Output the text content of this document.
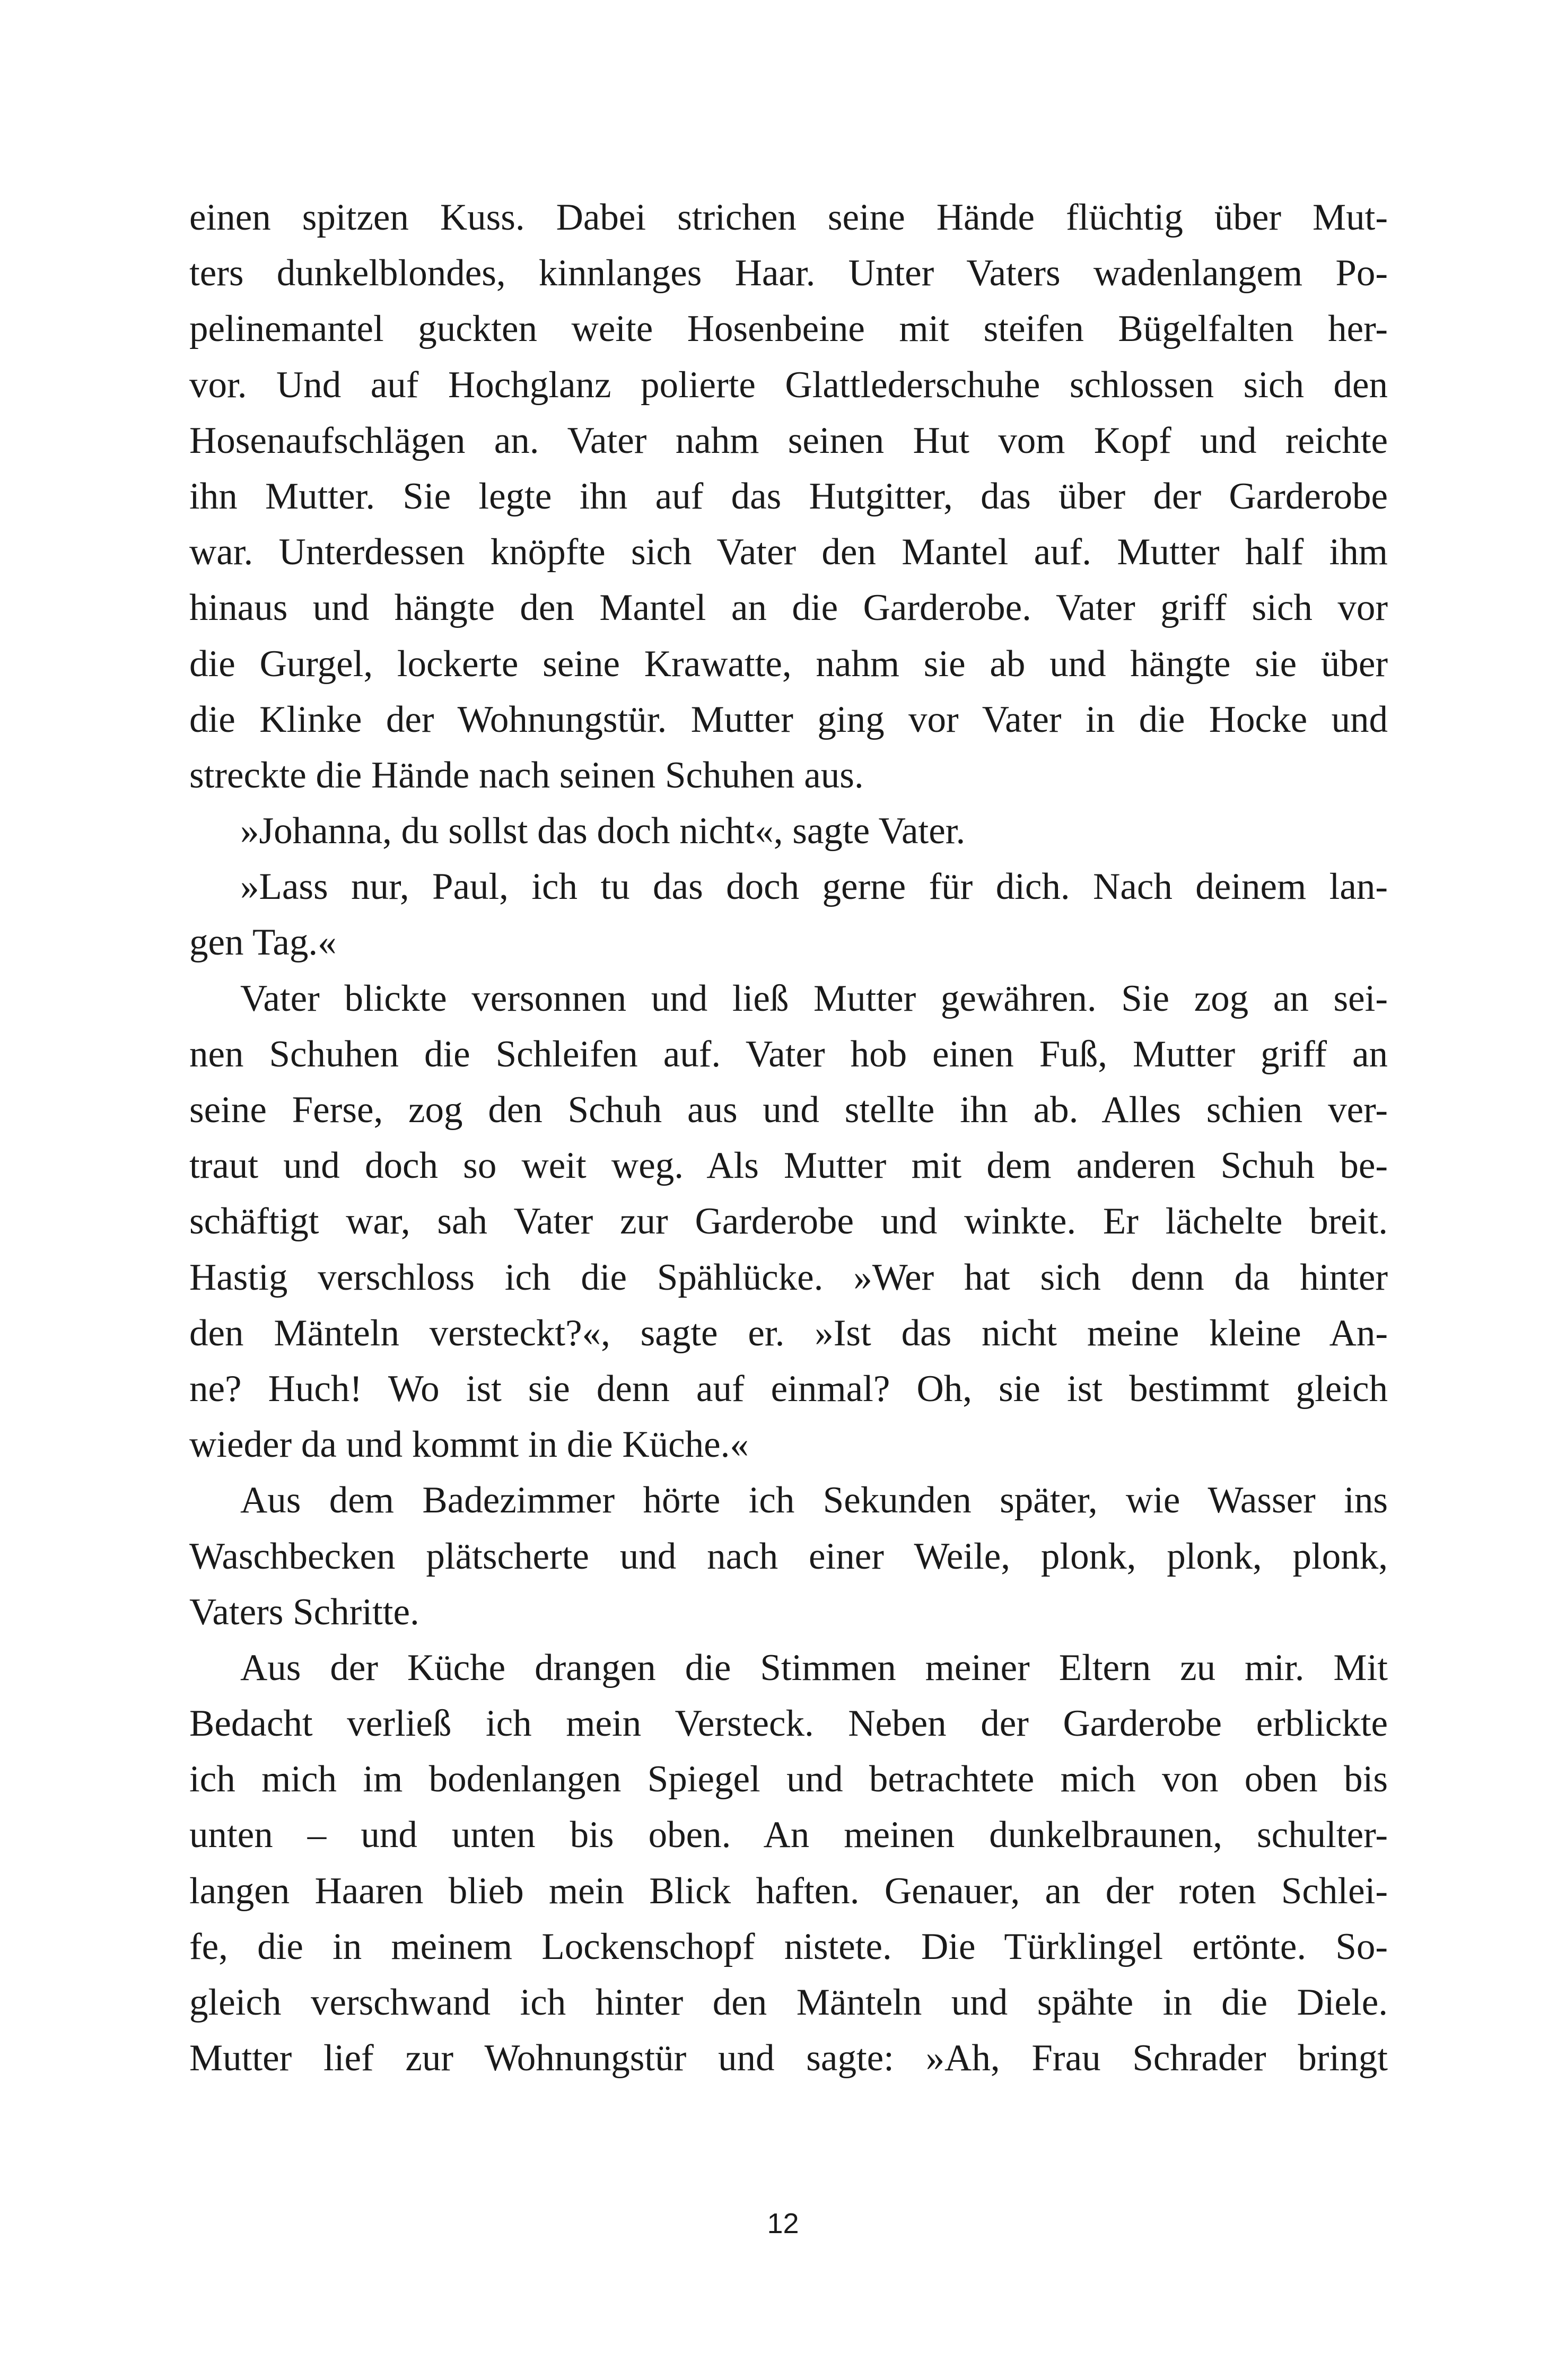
einen spitzen Kuss. Dabei strichen seine Hände flüchtig über Mut-
ters dunkelblondes, kinnlanges Haar. Unter Vaters wadenlangem Po-
pelinemantel guckten weite Hosenbeine mit steifen Bügelfalten her-
vor. Und auf Hochglanz polierte Glattlederschuhe schlossen sich den
Hosenaufschlägen an. Vater nahm seinen Hut vom Kopf und reichte
ihn Mutter. Sie legte ihn auf das Hutgitter, das über der Garderobe
war. Unterdessen knöpfte sich Vater den Mantel auf. Mutter half ihm
hinaus und hängte den Mantel an die Garderobe. Vater griff sich vor
die Gurgel, lockerte seine Krawatte, nahm sie ab und hängte sie über
die Klinke der Wohnungstür. Mutter ging vor Vater in die Hocke und
streckte die Hände nach seinen Schuhen aus.
»Johanna, du sollst das doch nicht«, sagte Vater.
»Lass nur, Paul, ich tu das doch gerne für dich. Nach deinem lan-
gen Tag.«
Vater blickte versonnen und ließ Mutter gewähren. Sie zog an sei-
nen Schuhen die Schleifen auf. Vater hob einen Fuß, Mutter griff an
seine Ferse, zog den Schuh aus und stellte ihn ab. Alles schien ver-
traut und doch so weit weg. Als Mutter mit dem anderen Schuh be-
schäftigt war, sah Vater zur Garderobe und winkte. Er lächelte breit.
Hastig verschloss ich die Spählücke. »Wer hat sich denn da hinter
den Mänteln versteckt?«, sagte er. »Ist das nicht meine kleine An-
ne? Huch! Wo ist sie denn auf einmal? Oh, sie ist bestimmt gleich
wieder da und kommt in die Küche.«
Aus dem Badezimmer hörte ich Sekunden später, wie Wasser ins
Waschbecken plätscherte und nach einer Weile, plonk, plonk, plonk,
Vaters Schritte.
Aus der Küche drangen die Stimmen meiner Eltern zu mir. Mit
Bedacht verließ ich mein Versteck. Neben der Garderobe erblickte
ich mich im bodenlangen Spiegel und betrachtete mich von oben bis
unten – und unten bis oben. An meinen dunkelbraunen, schulter-
langen Haaren blieb mein Blick haften. Genauer, an der roten Schlei-
fe, die in meinem Lockenschopf nistete. Die Türklingel ertönte. So-
gleich verschwand ich hinter den Mänteln und spähte in die Diele.
Mutter lief zur Wohnungstür und sagte: »Ah, Frau Schrader bringt
12
